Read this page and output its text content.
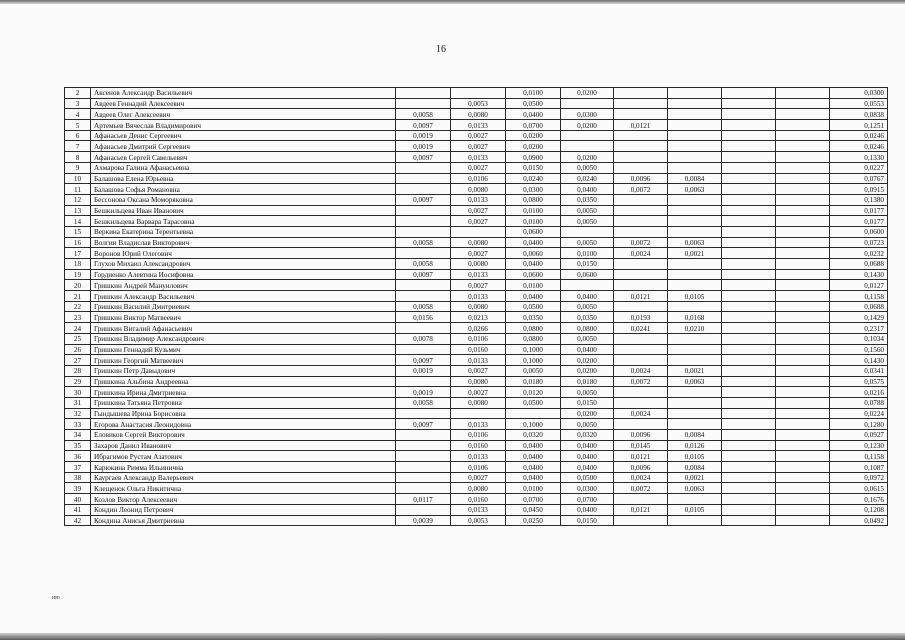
16
2	Аксенов Александр Васильевич			0,0100	0,0200					0,0300
3	Авдеев Геннадий Алексеевич		0,0053	0,0500						0,0553
4	Авдеев Олег Алексеевич	0,0058	0,0080	0,0400	0,0300					0,0838
5	Артемьев Вячеслав Владимирович	0,0097	0,0133	0,0700	0,0200	0,0121				0,1251
6	Афанасьев Денис Сергеевич	0,0019	0,0027	0,0200						0,0246
7	Афанасьев Дмитрий Сергеевич	0,0019	0,0027	0,0200						0,0246
8	Афанасьев Сергей Савельевич	0,0097	0,0133	0,0900	0,0200					0,1330
9	Ахмарова Галина Афанасьевна		0,0027	0,0150	0,0050					0,0227
10	Балашова Елена Юрьевна		0,0106	0,0240	0,0240	0,0096	0,0084			0,0767
11	Балашова Софья Романовна		0,0080	0,0300	0,0400	0,0072	0,0063			0,0915
12	Бессонова Оксана Моморяковна	0,0097	0,0133	0,0800	0,0350					0,1380
13	Бешкильцева Иван Иванович		0,0027	0,0100	0,0050					0,0177
14	Бешкильцева Варвара Тарасовна		0,0027	0,0100	0,0050					0,0177
15	Веркина Екатерина Терентьевна			0,0600						0,0600
16	Волгин Владислав Викторович	0,0058	0,0080	0,0400	0,0050	0,0072	0,0063			0,0723
17	Воронов Юрий Олегович		0,0027	0,0060	0,0100	0,0024	0,0021			0,0232
18	Глухов Михаил Александрович	0,0058	0,0080	0,0400	0,0150					0,0688
19	Гордиенко Алевтина Иосифовна	0,0097	0,0133	0,0600	0,0600					0,1430
20	Гришкин Андрей Мануилович		0,0027	0,0100						0,0127
21	Гришкин Александр Васильевич		0,0133	0,0400	0,0400	0,0121	0,0105			0,1158
22	Гришкин Василий Дмитриевич	0,0058	0,0080	0,0500	0,0050					0,0688
23	Гришкин Виктор Матвеевич	0,0156	0,0213	0,0350	0,0350	0,0193	0,0168			0,1429
24	Гришкин Виталий Афанасьевич		0,0266	0,0800	0,0800	0,0241	0,0210			0,2317
25	Гришкин Владимир Александрович	0,0078	0,0106	0,0800	0,0050					0,1034
26	Гришкин Геннадий Кузьмич		0,0160	0,1000	0,0400					0,1560
27	Гришкин Георгий Матвеевич	0,0097	0,0133	0,1000	0,0200					0,1430
28	Гришкин Петр Давыдович	0,0019	0,0027	0,0050	0,0200	0,0024	0,0021			0,0341
29	Гришкина Альбина Андреевна		0,0080	0,0180	0,0180	0,0072	0,0063			0,0575
30	Гришкина Ирина Дмитриевна	0,0019	0,0027	0,0120	0,0050					0,0216
31	Гришкина Татьяна Петровна	0,0058	0,0080	0,0500	0,0150					0,0788
32	Гындышева Ирина Борисовна				0,0200	0,0024				0,0224
33	Егорова Анастасия Леонидовна	0,0097	0,0133	0,1000	0,0050					0,1280
34	Еловиков Сергей Викторович		0,0106	0,0320	0,0320	0,0096	0,0084			0,0927
35	Захаров Данил Иванович		0,0160	0,0400	0,0400	0,0145	0,0126			0,1230
36	Ибрагимов Рустам Азатович		0,0133	0,0400	0,0400	0,0121	0,0105			0,1158
37	Карюкина Римма Ильинична		0,0106	0,0400	0,0400	0,0096	0,0084			0,1087
38	Каургаев Александр Валерьевич		0,0027	0,0400	0,0500	0,0024	0,0021			0,0972
39	Клещенок Ольга Никитична		0,0080	0,0100	0,0300	0,0072	0,0063			0,0615
40	Козлов Виктор Алексеевич	0,0117	0,0160	0,0700	0,0700					0,1676
41	Кондин Леонид Петрович		0,0133	0,0450	0,0400	0,0121	0,0105			0,1208
42	Кондина Анисья Дмитриевна	0,0039	0,0053	0,0250	0,0150					0,0492
ню
